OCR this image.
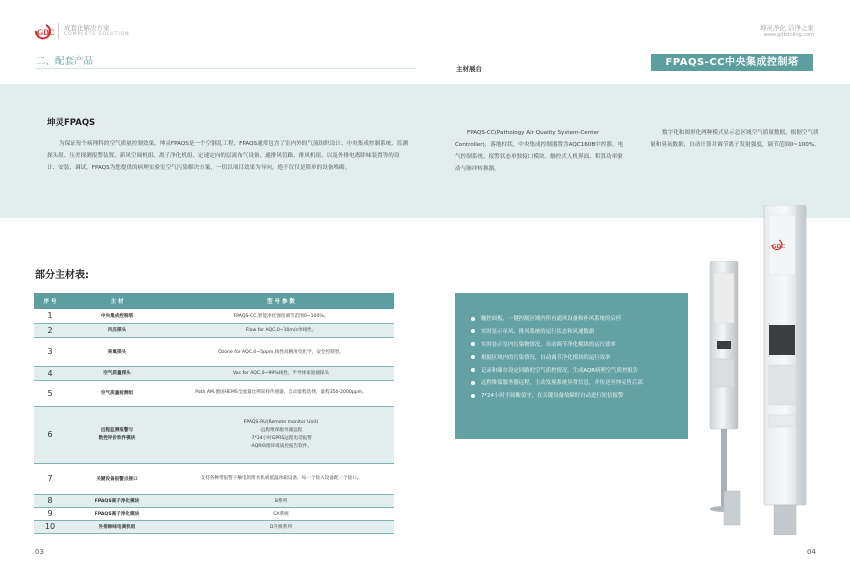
GDC 成套化解决方案
COMPLETE SOLUTION
坤灵净化 洁净之家
www.gdkunling.com
二、配套产品
主材展台
FPAQS-CC中央集成控制塔
坤灵FPAQS
为保证每个病理科的空气质量控制效果，坤灵FPAQS是一个空钢乱工程，FPAQS通常包含了室内外的气流组织设计、中央集成控制系统、监测探头组、压差探测报警装置、新风空调机组、离子净化机组、定速定向的层流布气设备、通排风管路、排风机组，以及外排电离除味装置等的设计、安装、调试，FPAQS为您提供的病理实验室空气污染解决方案，一切以项目效果为导向，绝不仅仅是简单的设备堆砌。
FPAQS-CC(Pathology Air Quality System-Center Controller)，落地柱状，中央集成控制器置含AQC160B中控器、电气控制系统、报警状态单独接口模块、触控式人机界面、积算功率驱动与脉冲转换器。
数字化和图形化两种模式显示总区域空气质量数据，根据空气质量和臭氧数据，自动计算并调节离子发射强度，调节范围0~100%。
部分主材表:
序 号	主 材	型 号 参 数
1	中央集成控制塔	FPAQS-CC,智能净化强度调节范围0~100%。
2	风压探头	Flow for AQC,0~10m/s单线性。
3	臭氧探头	Ozone for AQC,0~5ppm,线性高精度电化学，安全控制型。
4	空气质量探头	Voc for AQC,0~99%线性，半导体家庭烟探头
5	空气质量检测组	Path AM,德国HEMS全流量比例采样传感器，自动量程选择，量程350-2000ppm。
6	远程监测报警与
数控评价软件模块	FPAQS-RU(Remote monitor Unit)
·远程维保服务器远程
·7*24小时GPRS远程电话报警
·AQR病理环境质控报告软件。
7	关键设备报警点接口	支持各种带报警干触电的附水机或抵温冰箱设备，每一个接入设备配一个接口。
8	FPAQS离子净化模块	B系列
9	FPAQS离子净化模块	CA系统
10	外排除味电离机组	D升级系列
03	04
触控面板，一键控制区域内所有通风设备和补风系统的启停
实时显示单风、排风系统的运行状态和风速数据
实时显示室内污染物情况，自动调节净化模块的运行效率
根据区域内的污染情况，自动调节净化模块的运行效率
记录和储存设定回路的空气质控情况，生成AQR病理空气质控报告
远程维保服务器远程，主动发现系统异常信息，并传送至坤灵售后部
7*24小时不间断值守，在关键设备故障时自动进行短信报警
GDC
